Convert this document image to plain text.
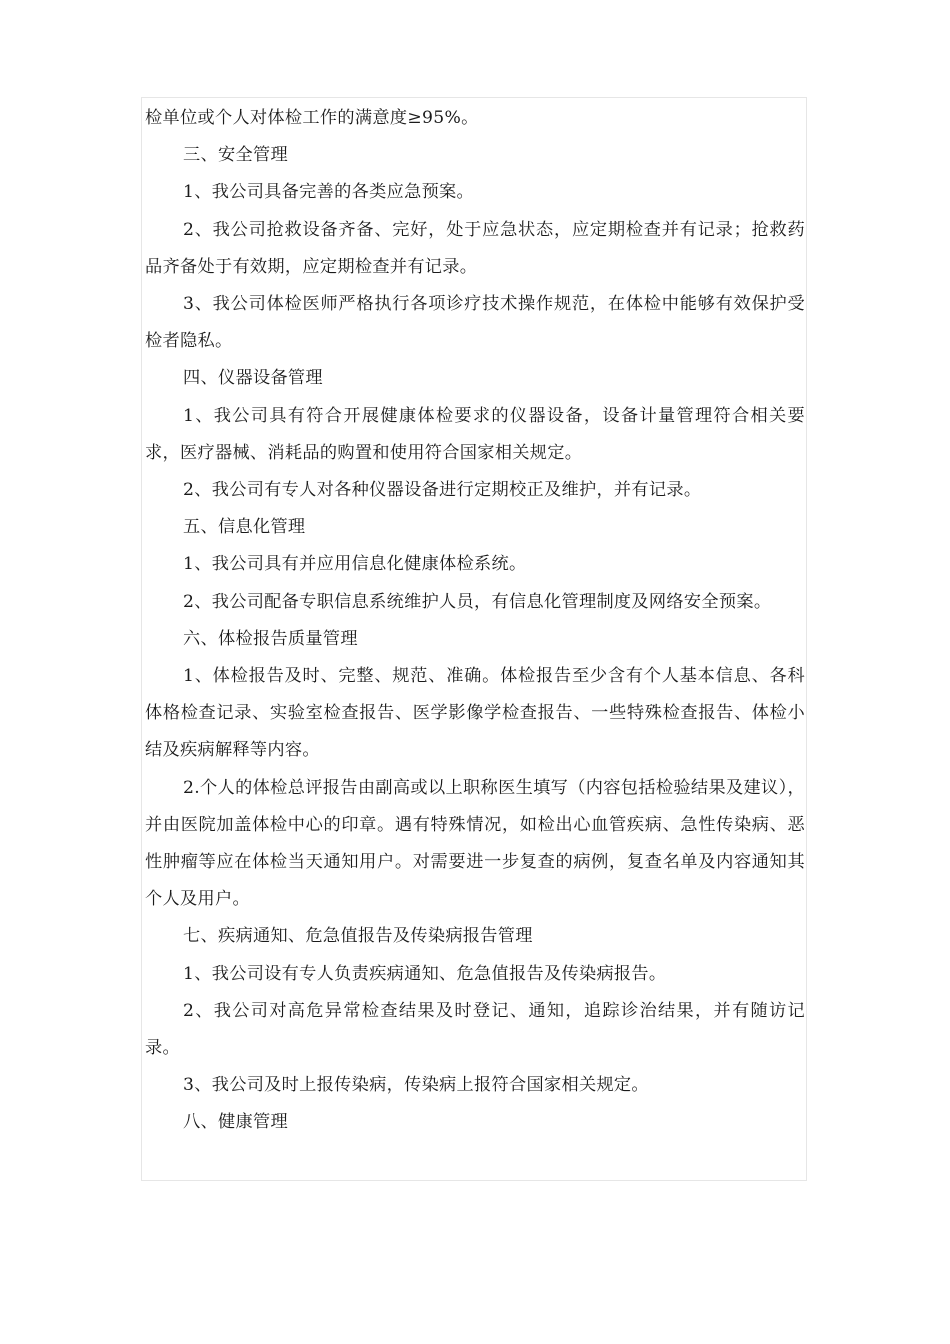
检单位或个人对体检工作的满意度≥95%。

三、安全管理

1、我公司具备完善的各类应急预案。

2、我公司抢救设备齐备、完好，处于应急状态，应定期检查并有记录；抢救药品齐备处于有效期，应定期检查并有记录。

3、我公司体检医师严格执行各项诊疗技术操作规范，在体检中能够有效保护受检者隐私。

四、仪器设备管理

1、我公司具有符合开展健康体检要求的仪器设备，设备计量管理符合相关要求，医疗器械、消耗品的购置和使用符合国家相关规定。

2、我公司有专人对各种仪器设备进行定期校正及维护，并有记录。

五、信息化管理

1、我公司具有并应用信息化健康体检系统。

2、我公司配备专职信息系统维护人员，有信息化管理制度及网络安全预案。

六、体检报告质量管理

1、体检报告及时、完整、规范、准确。体检报告至少含有个人基本信息、各科体格检查记录、实验室检查报告、医学影像学检查报告、一些特殊检查报告、体检小结及疾病解释等内容。

2.个人的体检总评报告由副高或以上职称医生填写（内容包括检验结果及建议），并由医院加盖体检中心的印章。遇有特殊情况，如检出心血管疾病、急性传染病、恶性肿瘤等应在体检当天通知用户。对需要进一步复查的病例，复查名单及内容通知其个人及用户。

七、疾病通知、危急值报告及传染病报告管理

1、我公司设有专人负责疾病通知、危急值报告及传染病报告。

2、我公司对高危异常检查结果及时登记、通知，追踪诊治结果，并有随访记录。

3、我公司及时上报传染病，传染病上报符合国家相关规定。

八、健康管理
